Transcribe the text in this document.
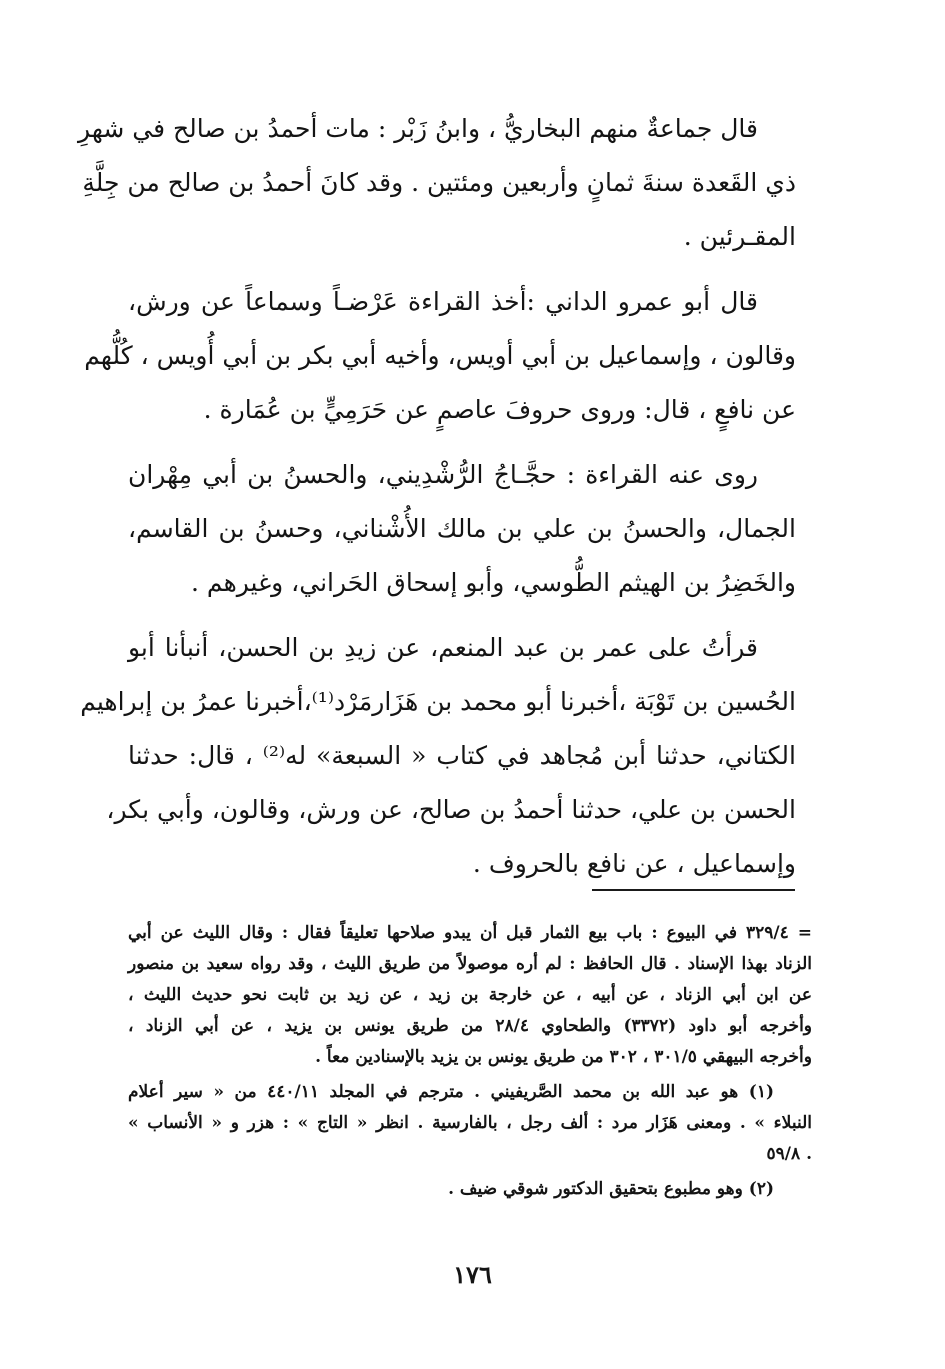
قال جماعةٌ منهم البخاريُّ ، وابنُ زَبْر : مات أحمدُ بن صالح في شهرِ
ذي القَعدة سنةَ ثمانٍ وأربعين ومئتين . وقد كانَ أحمدُ بن صالح من جِلَّةِ
المقـرئين .
قال أبو عمرو الداني :أخذ القراءة عَرْضـاً وسماعاً عن ورش،
وقالون ، وإسماعيل بن أبي أويس، وأخيه أبي بكر بن أبي أُويس ، كُلُّهم
عن نافعٍ ، قال: وروى حروفَ عاصمٍ عن حَرَمِيٍّ بن عُمَارة .
روى عنه القراءة : حجَّـاجُ الرُّشْدِيني، والحسنُ بن أبي مِهْران
الجمال، والحسنُ بن علي بن مالك الأُشْناني، وحسنُ بن القاسم،
والخَضِرُ بن الهيثم الطُّوسي، وأبو إسحاق الحَراني، وغيرهم .
قرأتُ على عمر بن عبد المنعم، عن زيدِ بن الحسن، أنبأنا أبو
الحُسين بن تَوْبَة ،أخبرنا أبو محمد بن هَزَارمَرْد⁽¹⁾،أخبرنا عمرُ بن إبراهيم
الكتاني، حدثنا أبن مُجاهد في كتاب « السبعة» له⁽²⁾ ، قال: حدثنا
الحسن بن علي، حدثنا أحمدُ بن صالح، عن ورش، وقالون، وأبي بكر،
وإسماعيل ، عن نافع بالحروف .
= ٣٢٩/٤ في البيوع : باب بيع الثمار قبل أن يبدو صلاحها تعليقاً فقال : وقال الليث عن أبي
الزناد بهذا الإسناد . قال الحافظ : لم أره موصولاً من طريق الليث ، وقد رواه سعيد بن منصور
عن ابن أبي الزناد ، عن أبيه ، عن خارجة بن زيد ، عن زيد بن ثابت نحو حديث الليث ،
وأخرجه أبو داود (٣٣٧٢) والطحاوي ٢٨/٤ من طريق يونس بن يزيد ، عن أبي الزناد ،
وأخرجه البيهقي ٣٠١/٥ ، ٣٠٢ من طريق يونس بن يزيد بالإسنادين معاً .
(١) هو عبد الله بن محمد الصَّريفيني . مترجم في المجلد ٤٤٠/١١ من « سير أعلام
النبلاء » . ومعنى هَزَار مرد : ألف رجل ، بالفارسية . انظر « التاج » : هزر و « الأنساب »
. ٥٩/٨
(٢) وهو مطبوع بتحقيق الدكتور شوقي ضيف .
١٧٦
